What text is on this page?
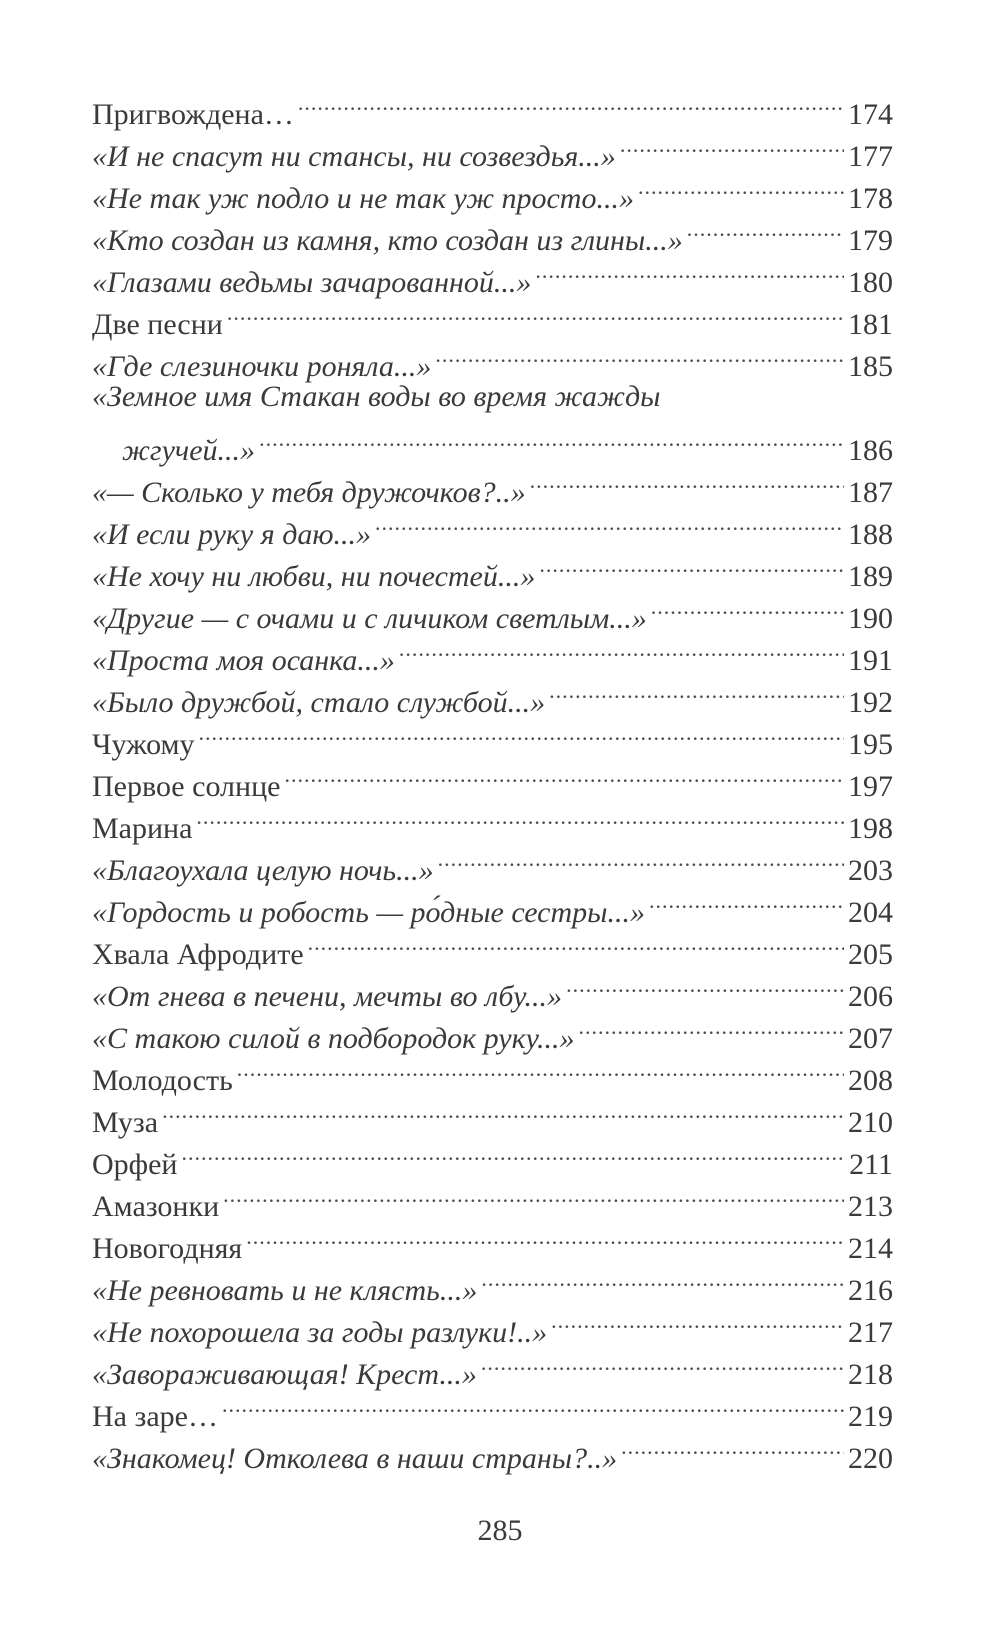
Пригвождена… .....	174
«И не спасут ни стансы, ни созвездья...» .....	177
«Не так уж подло и не так уж просто...» .....	178
«Кто создан из камня, кто создан из глины...» .....	179
«Глазами ведьмы зачарованной...» .....	180
Две песни .....	181
«Где слезиночки роняла...» .....	185
«Земное имя Стакан воды во время жажды
жгучей...» .....	186
«— Сколько у тебя дружочков?..» .....	187
«И если руку я даю...» .....	188
«Не хочу ни любви, ни почестей...» .....	189
«Другие — с очами и с личиком светлым...» .....	190
«Проста моя осанка...» .....	191
«Было дружбой, стало службой...» .....	192
Чужому .....	195
Первое солнце .....	197
Марина .....	198
«Благоухала целую ночь...» .....	203
«Гордость и робость — ро́дные сестры...» .....	204
Хвала Афродите .....	205
«От гнева в печени, мечты во лбу...» .....	206
«С такою силой в подбородок руку...» .....	207
Молодость .....	208
Муза .....	210
Орфей .....	211
Амазонки .....	213
Новогодняя .....	214
«Не ревновать и не клясть...» .....	216
«Не похорошела за годы разлуки!..» .....	217
«Завораживающая! Крест...» .....	218
На заре… .....	219
«Знакомец! Отколева в наши страны?..» .....	220
285
